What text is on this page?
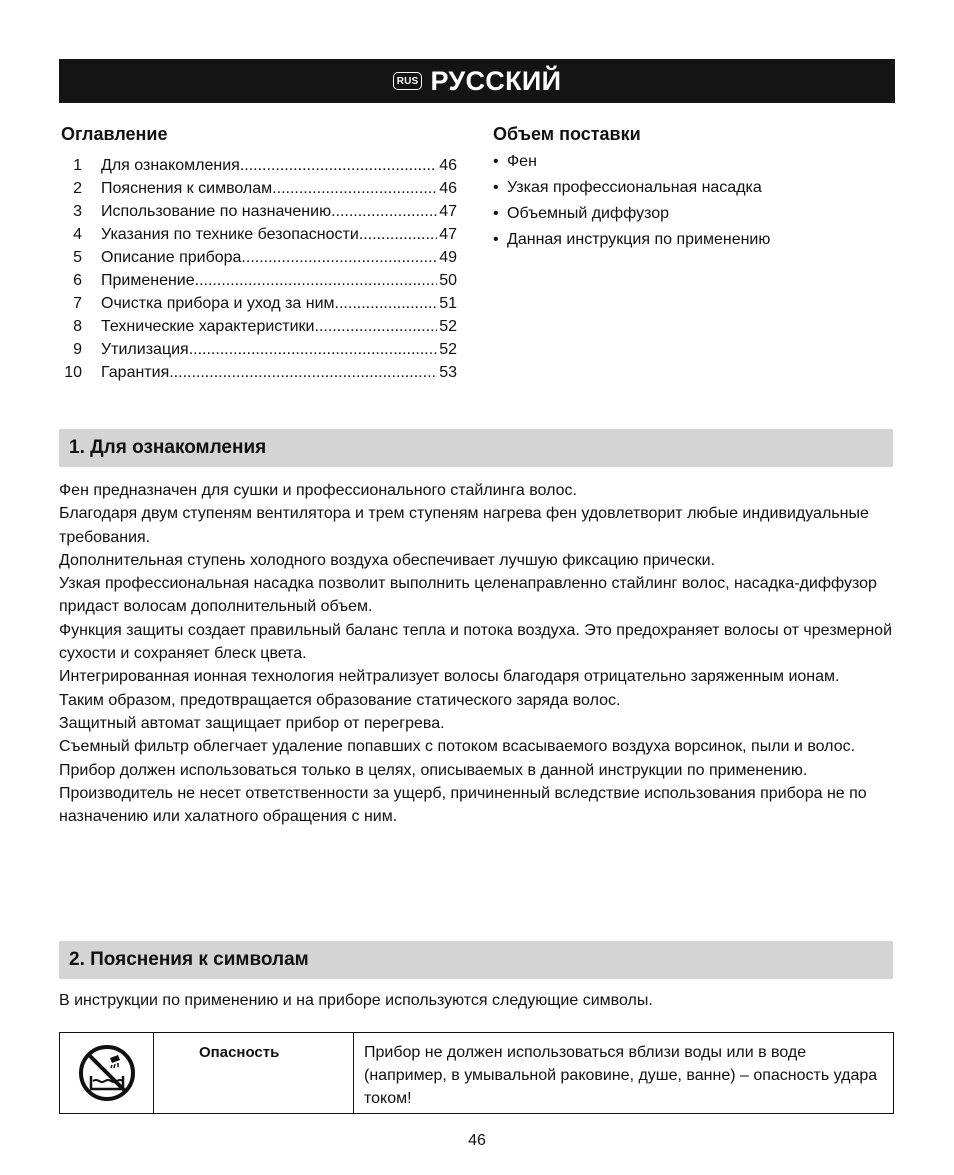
RUS РУССКИЙ
Оглавление
1 Для ознакомления .....	46
2 Пояснения к символам .....	46
3 Использование по назначению .....	47
4 Указания по технике безопасности .....	47
5 Описание прибора .....	49
6 Применение .....	50
7 Очистка прибора и уход за ним .....	51
8 Технические характеристики .....	52
9 Утилизация .....	52
10 Гарантия .....	53
Объем поставки
• Фен
• Узкая профессиональная насадка
• Объемный диффузор
• Данная инструкция по применению
1. Для ознакомления

Фен предназначен для сушки и профессионального стайлинга волос.

Благодаря двум ступеням вентилятора и трем ступеням нагрева фен удовлетворит любые индивидуальные требования.

Дополнительная ступень холодного воздуха обеспечивает лучшую фиксацию прически.

Узкая профессиональная насадка позволит выполнить целенаправленно стайлинг волос, насадка-диффузор придаст волосам дополнительный объем.

Функция защиты создает правильный баланс тепла и потока воздуха. Это предохраняет волосы от чрезмерной сухости и сохраняет блеск цвета.

Интегрированная ионная технология нейтрализует волосы благодаря отрицательно заряженным ионам.

Таким образом, предотвращается образование статического заряда волос.

Защитный автомат защищает прибор от перегрева.

Съемный фильтр облегчает удаление попавших с потоком всасываемого воздуха ворсинок, пыли и волос.

Прибор должен использоваться только в целях, описываемых в данной инструкции по применению.

Производитель не несет ответственности за ущерб, причиненный вследствие использования прибора не по назначению или халатного обращения с ним.

2. Пояснения к символам

В инструкции по применению и на приборе используются следующие символы.

Опасность	Прибор не должен использоваться вблизи воды или в воде (например, в умывальной раковине, душе, ванне) – опасность удара током!
46
